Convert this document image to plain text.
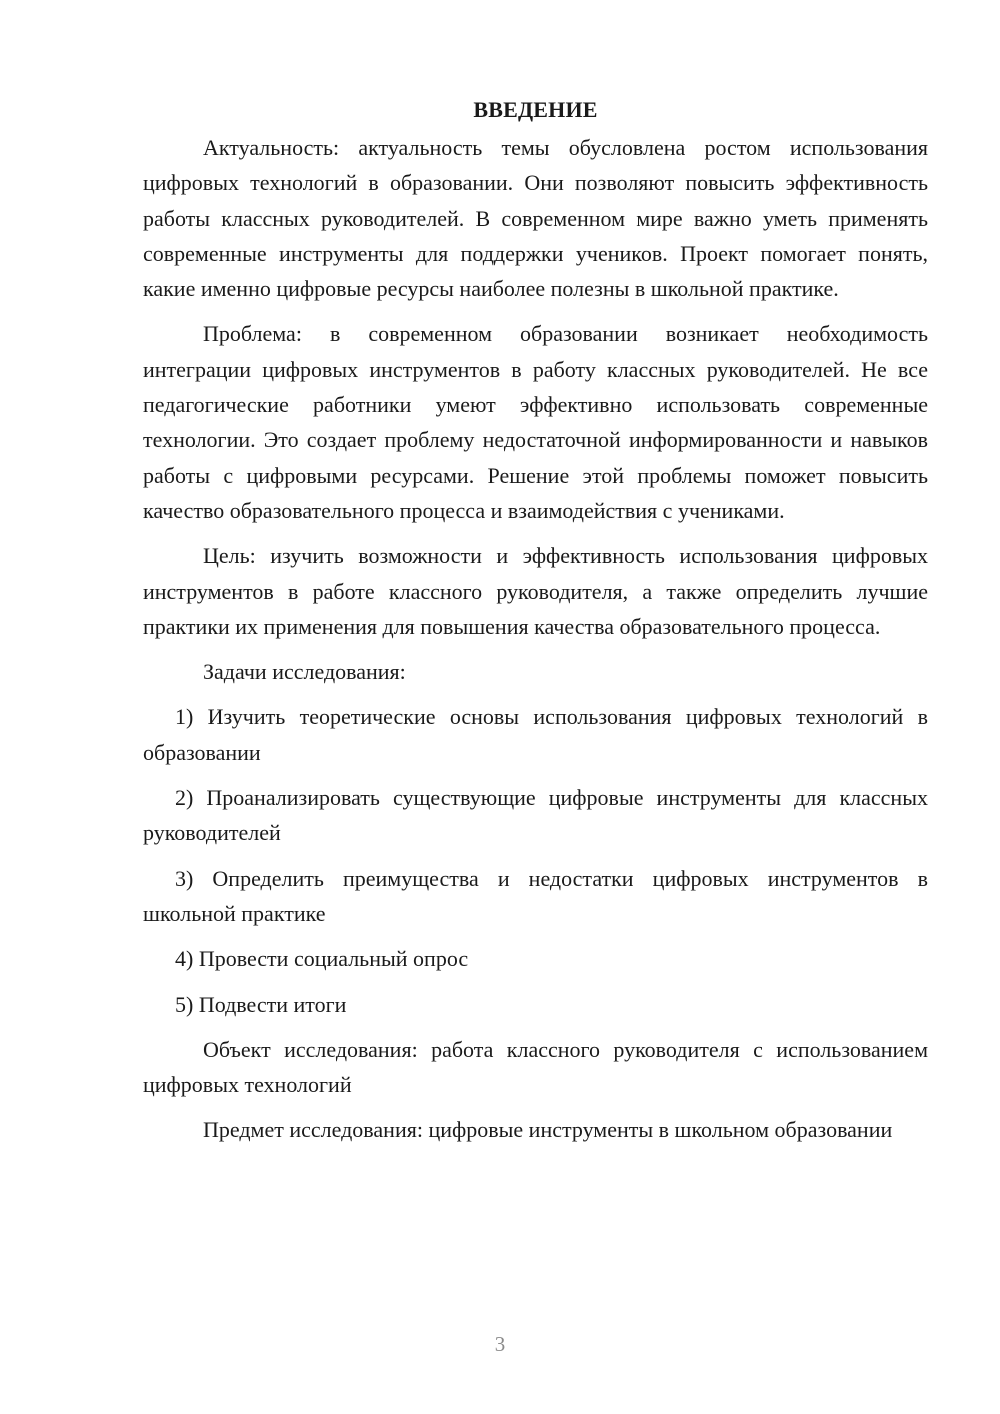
ВВЕДЕНИЕ

Актуальность: актуальность темы обусловлена ростом использования цифровых технологий в образовании. Они позволяют повысить эффективность работы классных руководителей. В современном мире важно уметь применять современные инструменты для поддержки учеников. Проект помогает понять, какие именно цифровые ресурсы наиболее полезны в школьной практике.

Проблема: в современном образовании возникает необходимость интеграции цифровых инструментов в работу классных руководителей. Не все педагогические работники умеют эффективно использовать современные технологии. Это создает проблему недостаточной информированности и навыков работы с цифровыми ресурсами. Решение этой проблемы поможет повысить качество образовательного процесса и взаимодействия с учениками.

Цель: изучить возможности и эффективность использования цифровых инструментов в работе классного руководителя, а также определить лучшие практики их применения для повышения качества образовательного процесса.

Задачи исследования:

1) Изучить теоретические основы использования цифровых технологий в образовании

2) Проанализировать существующие цифровые инструменты для классных руководителей

3) Определить преимущества и недостатки цифровых инструментов в школьной практике

4) Провести социальный опрос

5) Подвести итоги

Объект исследования: работа классного руководителя с использованием цифровых технологий

Предмет исследования: цифровые инструменты в школьном образовании

3
